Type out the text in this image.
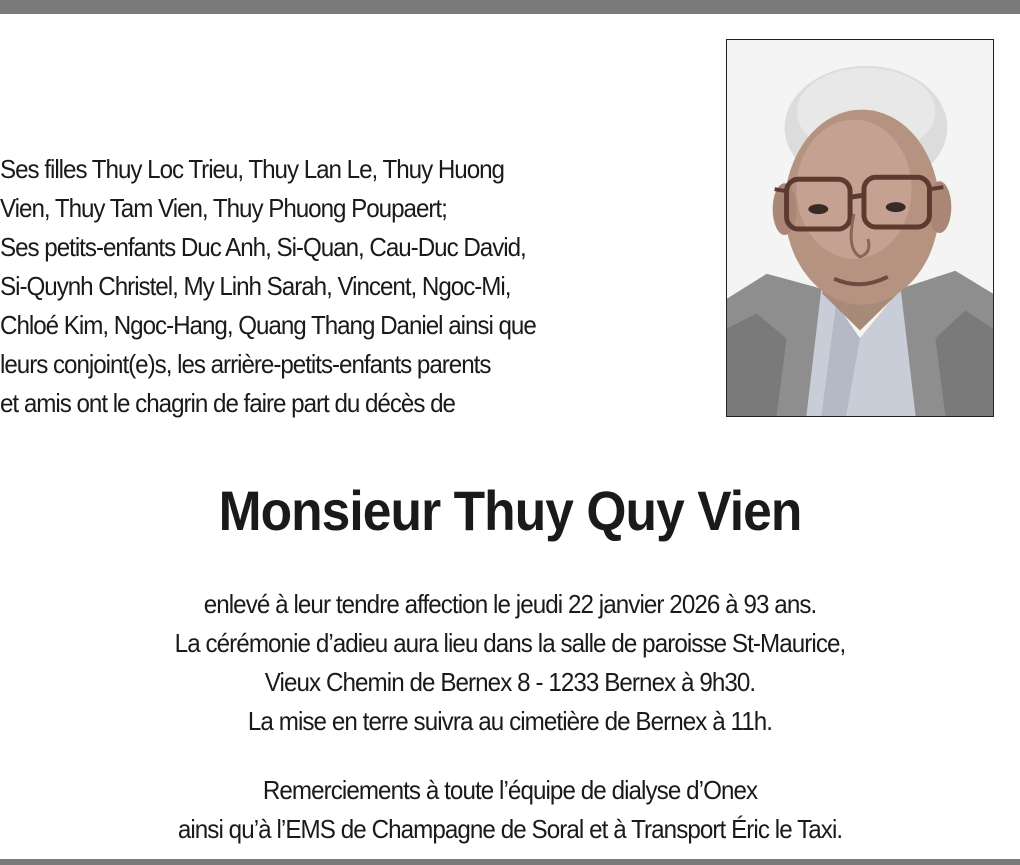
Ses filles Thuy Loc Trieu, Thuy Lan Le, Thuy Huong
Vien, Thuy Tam Vien, Thuy Phuong Poupaert;
Ses petits-enfants Duc Anh, Si-Quan, Cau-Duc David,
Si-Quynh Christel, My Linh Sarah, Vincent, Ngoc-Mi,
Chloé Kim, Ngoc-Hang, Quang Thang Daniel ainsi que
leurs conjoint(e)s, les arrière-petits-enfants parents
et amis ont le chagrin de faire part du décès de
Monsieur Thuy Quy Vien
enlevé à leur tendre affection le jeudi 22 janvier 2026 à 93 ans.
La cérémonie d’adieu aura lieu dans la salle de paroisse St-Maurice,
Vieux Chemin de Bernex 8 - 1233 Bernex à 9h30.
La mise en terre suivra au cimetière de Bernex à 11h.
Remerciements à toute l’équipe de dialyse d’Onex
ainsi qu’à l’EMS de Champagne de Soral et à Transport Éric le Taxi.
